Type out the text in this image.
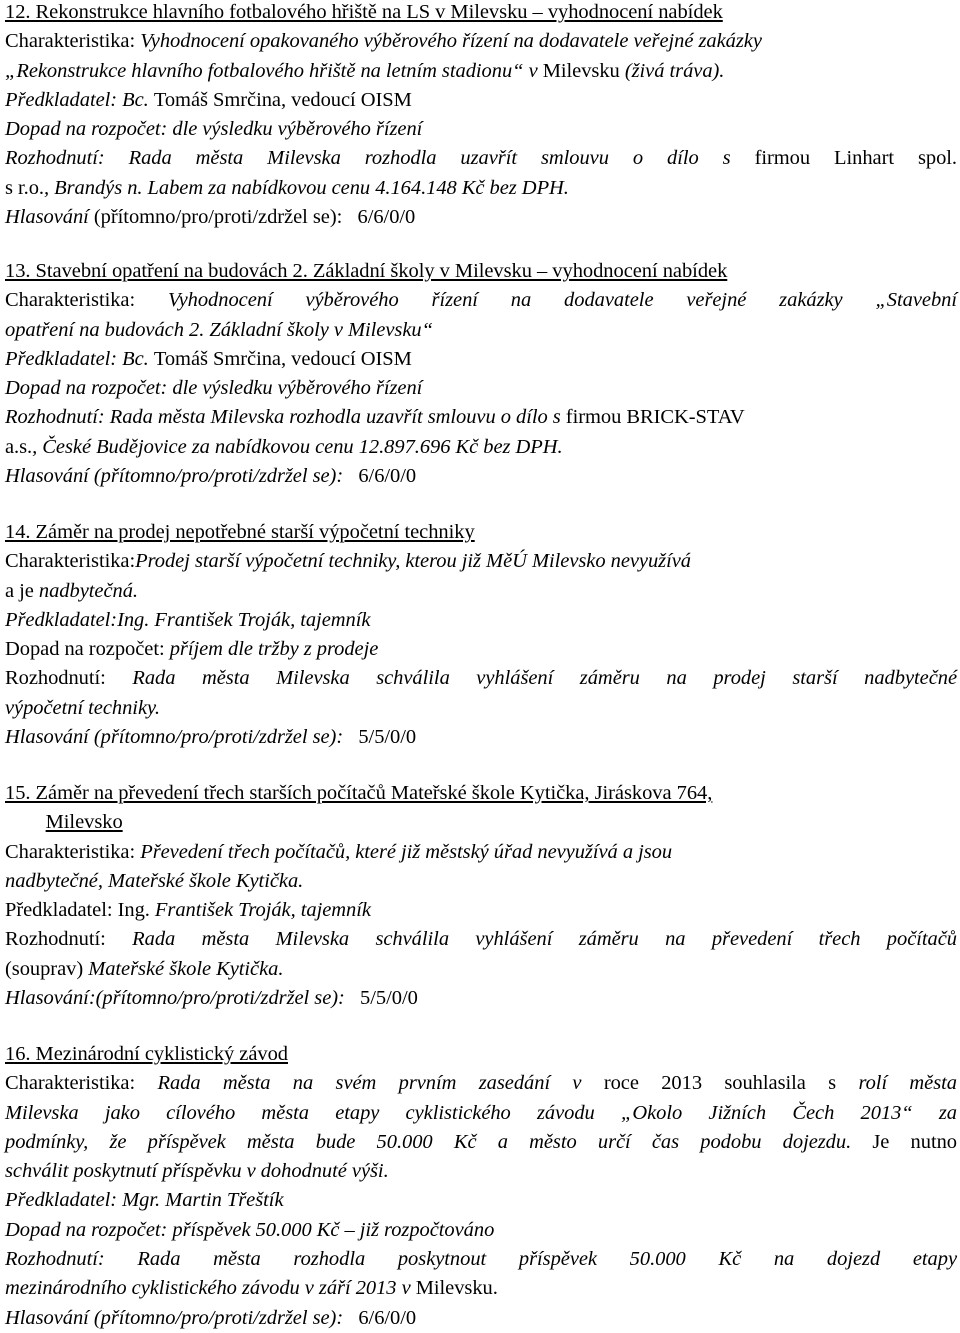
12. Rekonstrukce hlavního fotbalového hřiště na LS v Milevsku – vyhodnocení nabídek
Charakteristika: Vyhodnocení opakovaného výběrového řízení na dodavatele veřejné zakázky
„Rekonstrukce hlavního fotbalového hřiště na letním stadionu“ v Milevsku (živá tráva).
Předkladatel: Bc. Tomáš Smrčina, vedoucí OISM
Dopad na rozpočet: dle výsledku výběrového řízení
Rozhodnutí: Rada města Milevska rozhodla uzavřít smlouvu o dílo s firmou Linhart spol.
s r.o., Brandýs n. Labem za nabídkovou cenu 4.164.148 Kč bez DPH.
Hlasování (přítomno/pro/proti/zdržel se): 6/6/0/0
13. Stavební opatření na budovách 2. Základní školy v Milevsku – vyhodnocení nabídek
Charakteristika: Vyhodnocení výběrového řízení na dodavatele veřejné zakázky „Stavební
opatření na budovách 2. Základní školy v Milevsku“
Předkladatel: Bc. Tomáš Smrčina, vedoucí OISM
Dopad na rozpočet: dle výsledku výběrového řízení
Rozhodnutí: Rada města Milevska rozhodla uzavřít smlouvu o dílo s firmou BRICK-STAV
a.s., České Budějovice za nabídkovou cenu 12.897.696 Kč bez DPH.
Hlasování (přítomno/pro/proti/zdržel se): 6/6/0/0
14. Záměr na prodej nepotřebné starší výpočetní techniky
Charakteristika:Prodej starší výpočetní techniky, kterou již MěÚ Milevsko nevyužívá
a je nadbytečná.
Předkladatel:Ing. František Troják, tajemník
Dopad na rozpočet: příjem dle tržby z prodeje
Rozhodnutí: Rada města Milevska schválila vyhlášení záměru na prodej starší nadbytečné
výpočetní techniky.
Hlasování (přítomno/pro/proti/zdržel se): 5/5/0/0
15. Záměr na převedení třech starších počítačů Mateřské škole Kytička, Jiráskova 764,
Milevsko
Charakteristika: Převedení třech počítačů, které již městský úřad nevyužívá a jsou
nadbytečné, Mateřské škole Kytička.
Předkladatel: Ing. František Troják, tajemník
Rozhodnutí: Rada města Milevska schválila vyhlášení záměru na převedení třech počítačů
(souprav) Mateřské škole Kytička.
Hlasování:(přítomno/pro/proti/zdržel se): 5/5/0/0
16. Mezinárodní cyklistický závod
Charakteristika: Rada města na svém prvním zasedání v roce 2013 souhlasila s rolí města
Milevska jako cílového města etapy cyklistického závodu „Okolo Jižních Čech 2013“ za
podmínky, že příspěvek města bude 50.000 Kč a město určí čas podobu dojezdu. Je nutno
schválit poskytnutí příspěvku v dohodnuté výši.
Předkladatel: Mgr. Martin Třeštík
Dopad na rozpočet: příspěvek 50.000 Kč – již rozpočtováno
Rozhodnutí: Rada města rozhodla poskytnout příspěvek 50.000 Kč na dojezd etapy
mezinárodního cyklistického závodu v září 2013 v Milevsku.
Hlasování (přítomno/pro/proti/zdržel se): 6/6/0/0
